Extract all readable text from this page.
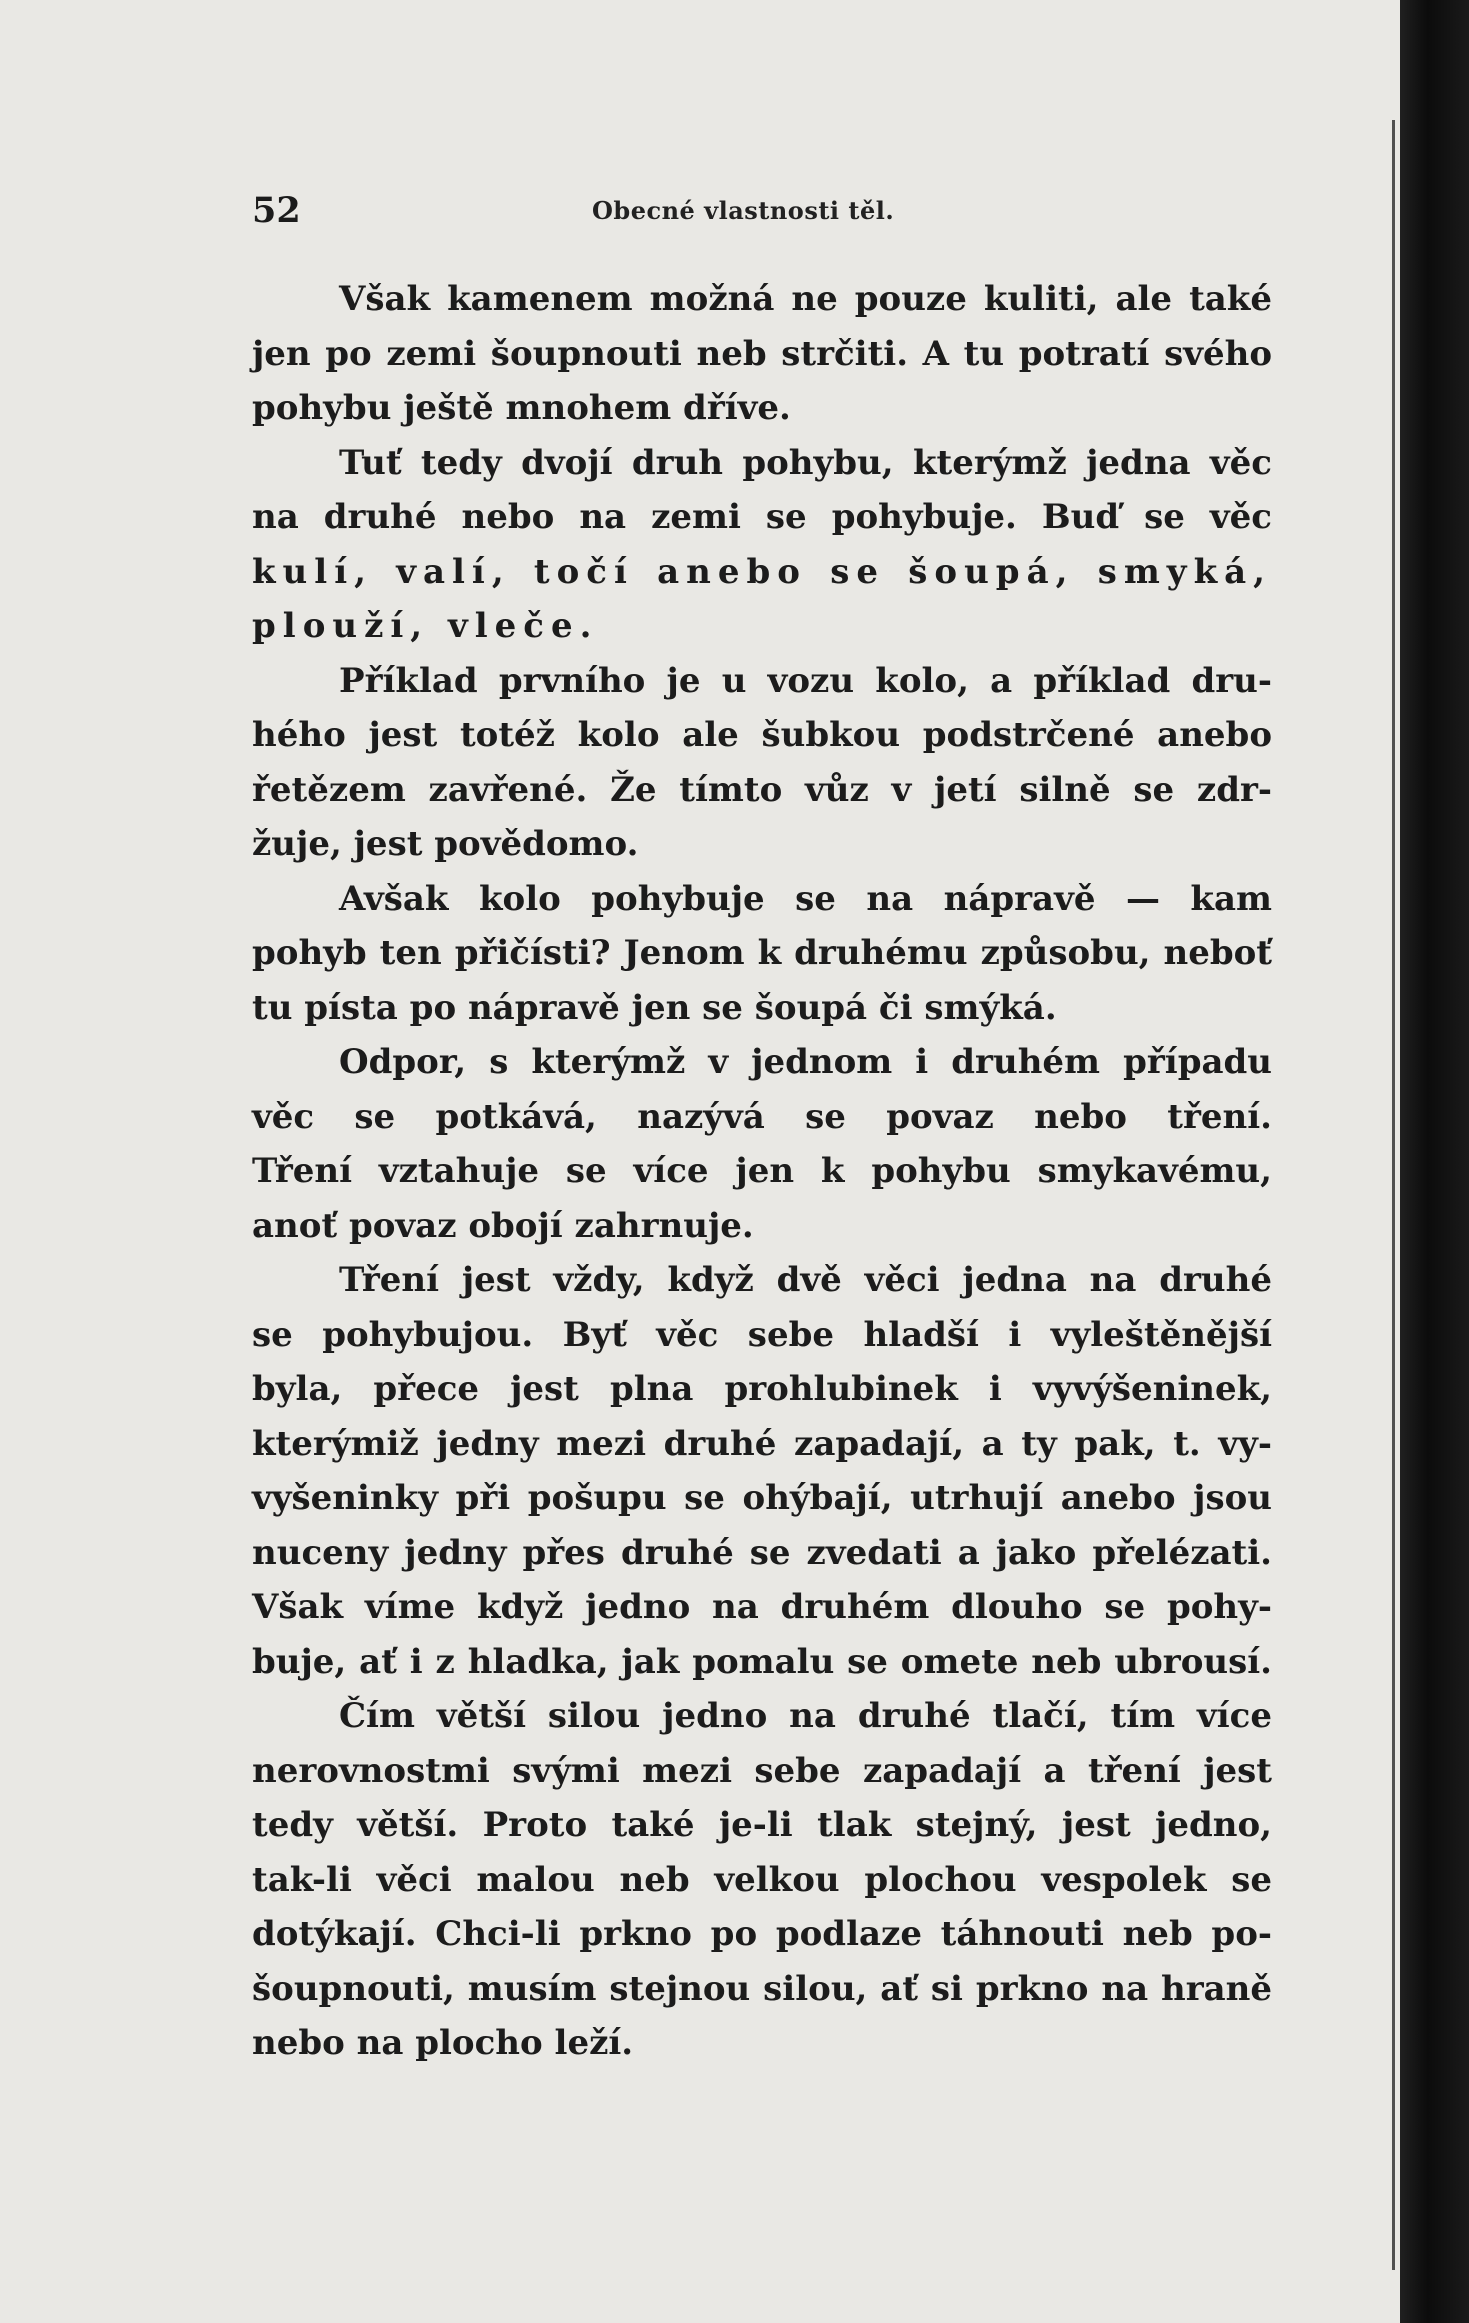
52	Obecné vlastnosti těl.
Však kamenem možná ne pouze kuliti, ale také
jen po zemi šoupnouti neb strčiti. A tu potratí svého
pohybu ještě mnohem dříve.
Tuť tedy dvojí druh pohybu, kterýmž jedna věc
na druhé nebo na zemi se pohybuje. Buď se věc
kulí, valí, točí anebo se šoupá, smyká,
plouží, vleče.
Příklad prvního je u vozu kolo, a příklad dru-
hého jest totéž kolo ale šubkou podstrčené anebo
řetězem zavřené. Že tímto vůz v jetí silně se zdr-
žuje, jest povědomo.
Avšak kolo pohybuje se na nápravě — kam
pohyb ten přičísti? Jenom k druhému způsobu, neboť
tu písta po nápravě jen se šoupá či smýká.
Odpor, s kterýmž v jednom i druhém případu
věc se potkává, nazývá se povaz nebo tření.
Tření vztahuje se více jen k pohybu smykavému,
anoť povaz obojí zahrnuje.
Tření jest vždy, když dvě věci jedna na druhé
se pohybujou. Byť věc sebe hladší i vyleštěnější
byla, přece jest plna prohlubinek i vyvýšeninek,
kterýmiž jedny mezi druhé zapadají, a ty pak, t. vy-
vyšeninky při pošupu se ohýbají, utrhují anebo jsou
nuceny jedny přes druhé se zvedati a jako přelézati.
Však víme když jedno na druhém dlouho se pohy-
buje, ať i z hladka, jak pomalu se omete neb ubrousí.
Čím větší silou jedno na druhé tlačí, tím více
nerovnostmi svými mezi sebe zapadají a tření jest
tedy větší. Proto také je-li tlak stejný, jest jedno,
tak-li věci malou neb velkou plochou vespolek se
dotýkají. Chci-li prkno po podlaze táhnouti neb po-
šoupnouti, musím stejnou silou, ať si prkno na hraně
nebo na plocho leží.
